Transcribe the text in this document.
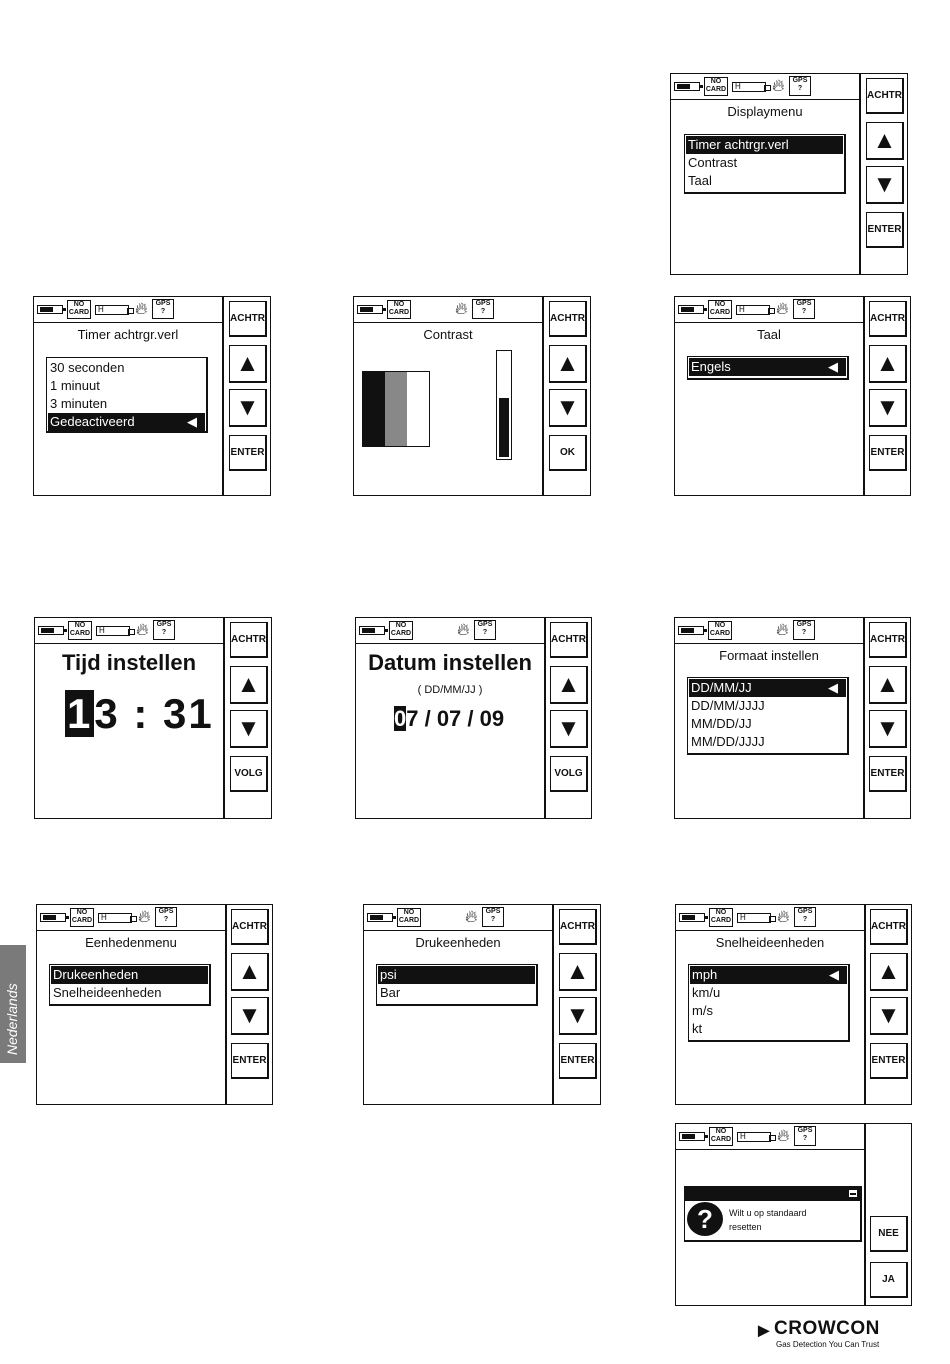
NO CARD	H	🔥︎	GPS ?
Displaymenu
Timer achtrgr.verl
Contrast
Taal
ACHTR
▲
▼
ENTER
NO CARD	H	🔥︎	GPS ?
Timer achtrgr.verl
30 seconden
1 minuut
3 minuten
Gedeactiveerd	◀
ACHTR
▲
▼
ENTER
NO CARD	🔥︎	GPS ?
Contrast
ACHTR
▲
▼
OK
NO CARD	H	🔥︎	GPS ?
Taal
Engels	◀
ACHTR
▲
▼
ENTER
NO CARD	H	🔥︎	GPS ?
Tijd instellen
13 : 31
ACHTR
▲
▼
VOLG
NO CARD	🔥︎	GPS ?
Datum instellen
( DD/MM/JJ )
07 / 07 / 09
ACHTR
▲
▼
VOLG
NO CARD	🔥︎	GPS ?
Formaat instellen
DD/MM/JJ	◀
DD/MM/JJJJ
MM/DD/JJ
MM/DD/JJJJ
ACHTR
▲
▼
ENTER
NO CARD	H	🔥︎	GPS ?
Eenhedenmenu
Drukeenheden
Snelheideenheden
ACHTR
▲
▼
ENTER
NO CARD	🔥︎	GPS ?
Drukeenheden
psi
Bar
ACHTR
▲
▼
ENTER
NO CARD	H	🔥︎	GPS ?
Snelheideenheden
mph	◀
km/u
m/s
kt
ACHTR
▲
▼
ENTER
NO CARD	H	🔥︎	GPS ?
?	Wilt u op standaard resetten
NEE
JA
Nederlands
► CROWCON
Gas Detection You Can Trust
